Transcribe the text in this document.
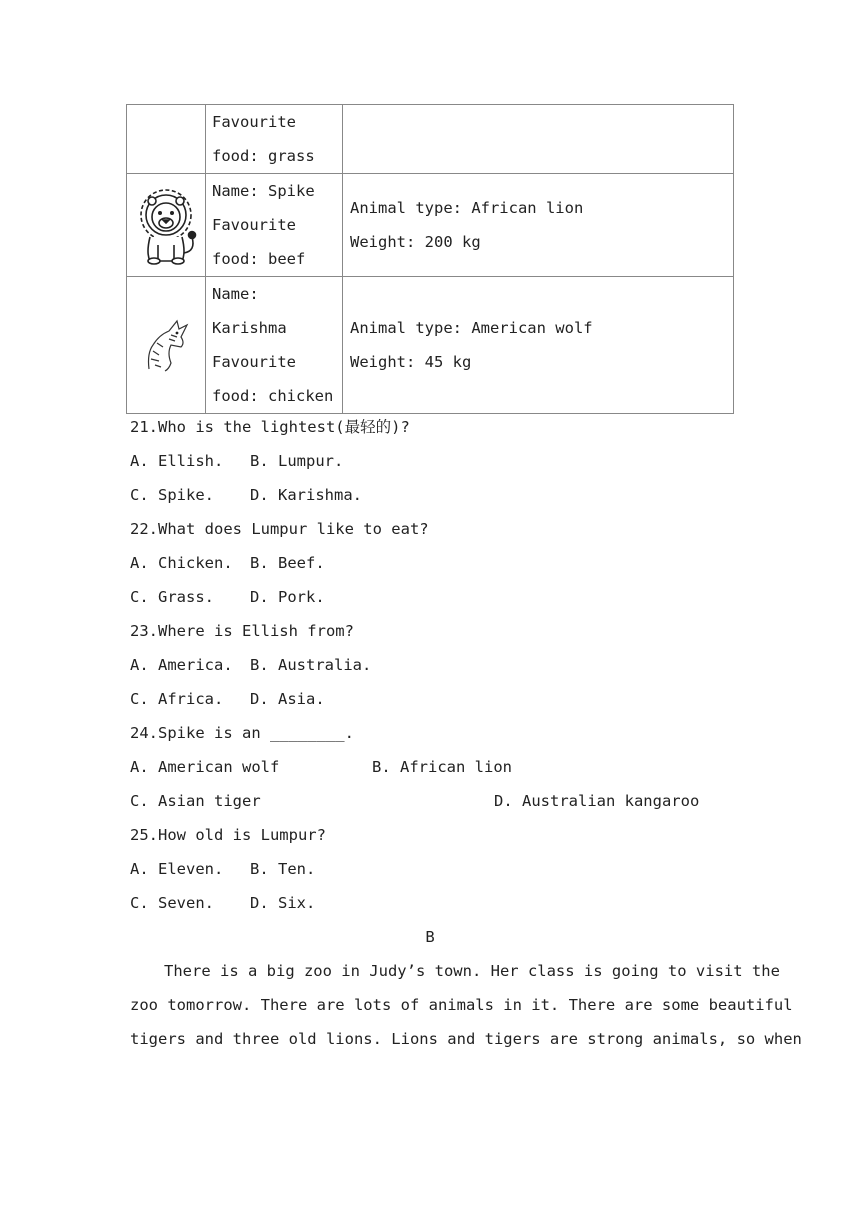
	Favourite
food: grass	

Name: Spike
Favourite
food: beef	Animal type: African lion
Weight: 200 kg

Name:
Karishma
Favourite
food: chicken	Animal type: American wolf
Weight: 45 kg
21.Who is the lightest(最轻的)?
A. Ellish. B. Lumpur.
C. Spike. D. Karishma.
22.What does Lumpur like to eat?
A. Chicken. B. Beef.
C. Grass. D. Pork.
23.Where is Ellish from?
A. America. B. Australia.
C. Africa. D. Asia.
24.Spike is an ________.
A. American wolf	B. African lion
C. Asian tiger	D. Australian kangaroo
25.How old is Lumpur?
A. Eleven. B. Ten.
C. Seven. D. Six.
B
There is a big zoo in Judy’s town. Her class is going to visit the
zoo tomorrow. There are lots of animals in it. There are some beautiful
tigers and three old lions. Lions and tigers are strong animals, so when
